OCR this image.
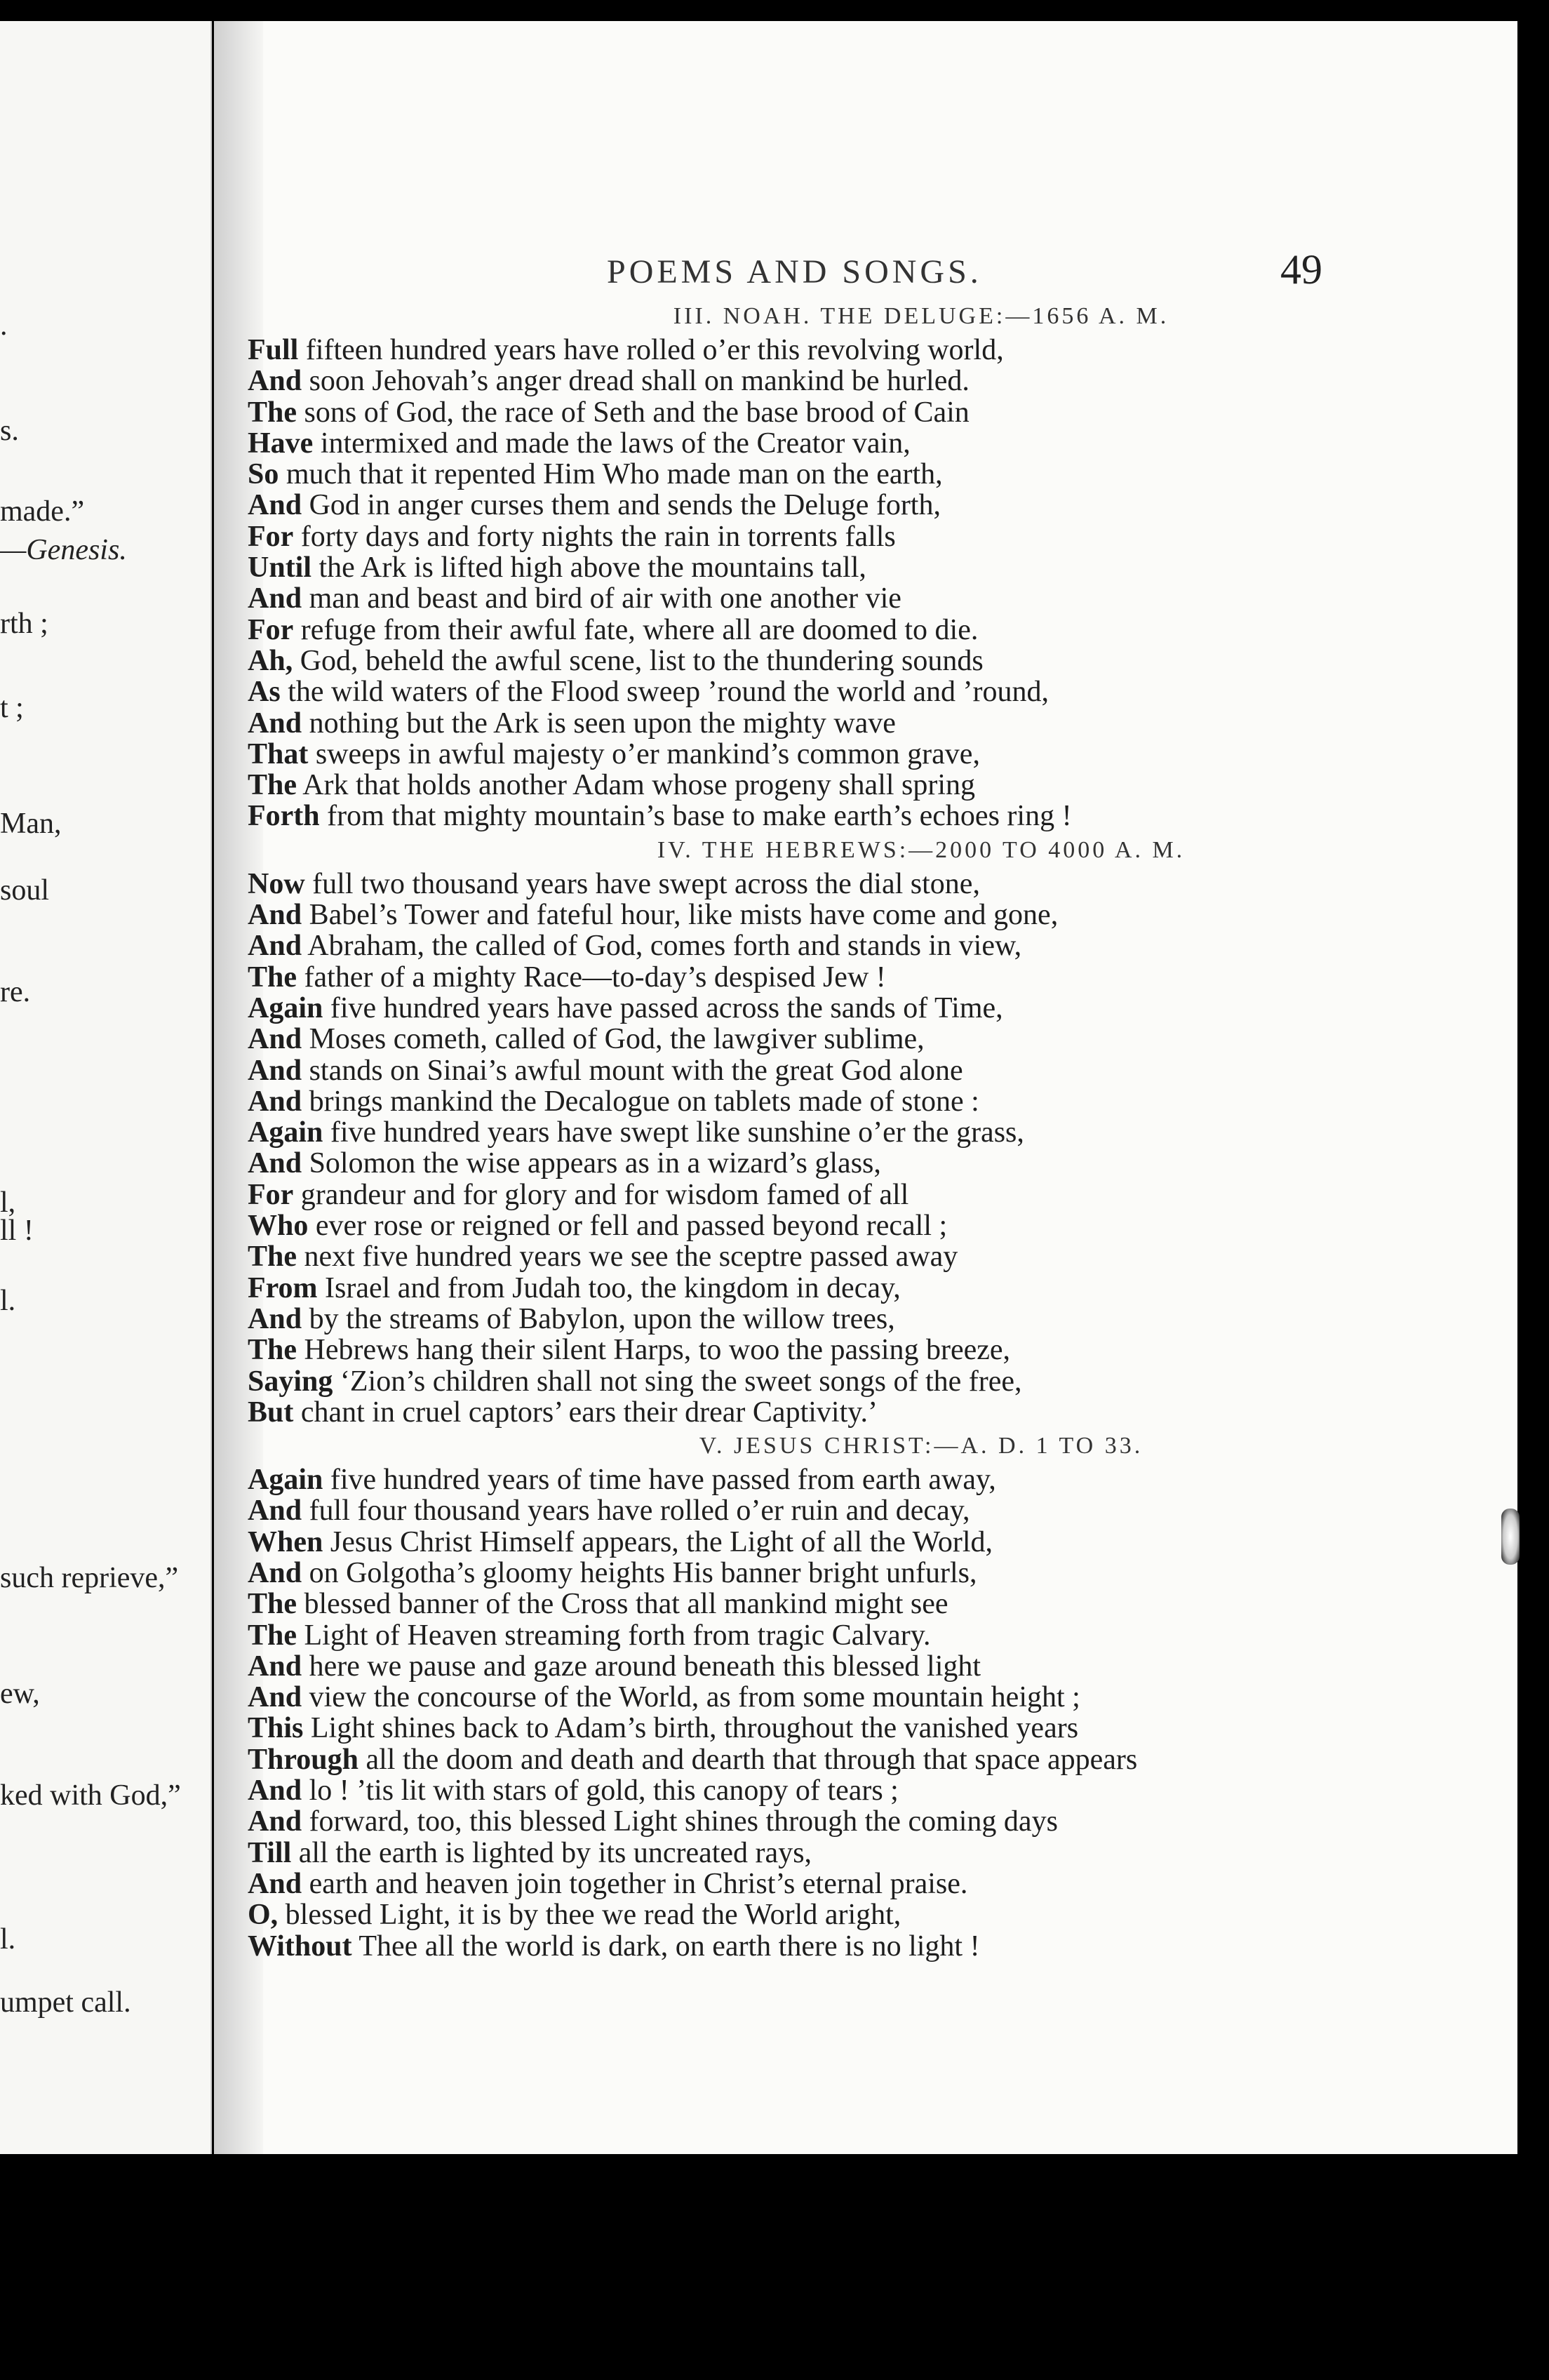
.
s.
made.”
—Genesis.
rth ;
t ;
Man,
soul
re.
l,
ll !
l.
such reprieve,”
ew,
ked with God,”
l.
umpet call.
POEMS AND SONGS.	49
III. NOAH. THE DELUGE:—1656 A. M.
Full fifteen hundred years have rolled o’er this revolving world,
And soon Jehovah’s anger dread shall on mankind be hurled.
The sons of God, the race of Seth and the base brood of Cain
Have intermixed and made the laws of the Creator vain,
So much that it repented Him Who made man on the earth,
And God in anger curses them and sends the Deluge forth,
For forty days and forty nights the rain in torrents falls
Until the Ark is lifted high above the mountains tall,
And man and beast and bird of air with one another vie
For refuge from their awful fate, where all are doomed to die.
Ah, God, beheld the awful scene, list to the thundering sounds
As the wild waters of the Flood sweep ’round the world and ’round,
And nothing but the Ark is seen upon the mighty wave
That sweeps in awful majesty o’er mankind’s common grave,
The Ark that holds another Adam whose progeny shall spring
Forth from that mighty mountain’s base to make earth’s echoes ring !
IV. THE HEBREWS:—2000 TO 4000 A. M.
Now full two thousand years have swept across the dial stone,
And Babel’s Tower and fateful hour, like mists have come and gone,
And Abraham, the called of God, comes forth and stands in view,
The father of a mighty Race—to-day’s despised Jew !
Again five hundred years have passed across the sands of Time,
And Moses cometh, called of God, the lawgiver sublime,
And stands on Sinai’s awful mount with the great God alone
And brings mankind the Decalogue on tablets made of stone :
Again five hundred years have swept like sunshine o’er the grass,
And Solomon the wise appears as in a wizard’s glass,
For grandeur and for glory and for wisdom famed of all
Who ever rose or reigned or fell and passed beyond recall ;
The next five hundred years we see the sceptre passed away
From Israel and from Judah too, the kingdom in decay,
And by the streams of Babylon, upon the willow trees,
The Hebrews hang their silent Harps, to woo the passing breeze,
Saying ‘Zion’s children shall not sing the sweet songs of the free,
But chant in cruel captors’ ears their drear Captivity.’
V. JESUS CHRIST:—A. D. 1 TO 33.
Again five hundred years of time have passed from earth away,
And full four thousand years have rolled o’er ruin and decay,
When Jesus Christ Himself appears, the Light of all the World,
And on Golgotha’s gloomy heights His banner bright unfurls,
The blessed banner of the Cross that all mankind might see
The Light of Heaven streaming forth from tragic Calvary.
And here we pause and gaze around beneath this blessed light
And view the concourse of the World, as from some mountain height ;
This Light shines back to Adam’s birth, throughout the vanished years
Through all the doom and death and dearth that through that space appears
And lo ! ’tis lit with stars of gold, this canopy of tears ;
And forward, too, this blessed Light shines through the coming days
Till all the earth is lighted by its uncreated rays,
And earth and heaven join together in Christ’s eternal praise.
O, blessed Light, it is by thee we read the World aright,
Without Thee all the world is dark, on earth there is no light !
